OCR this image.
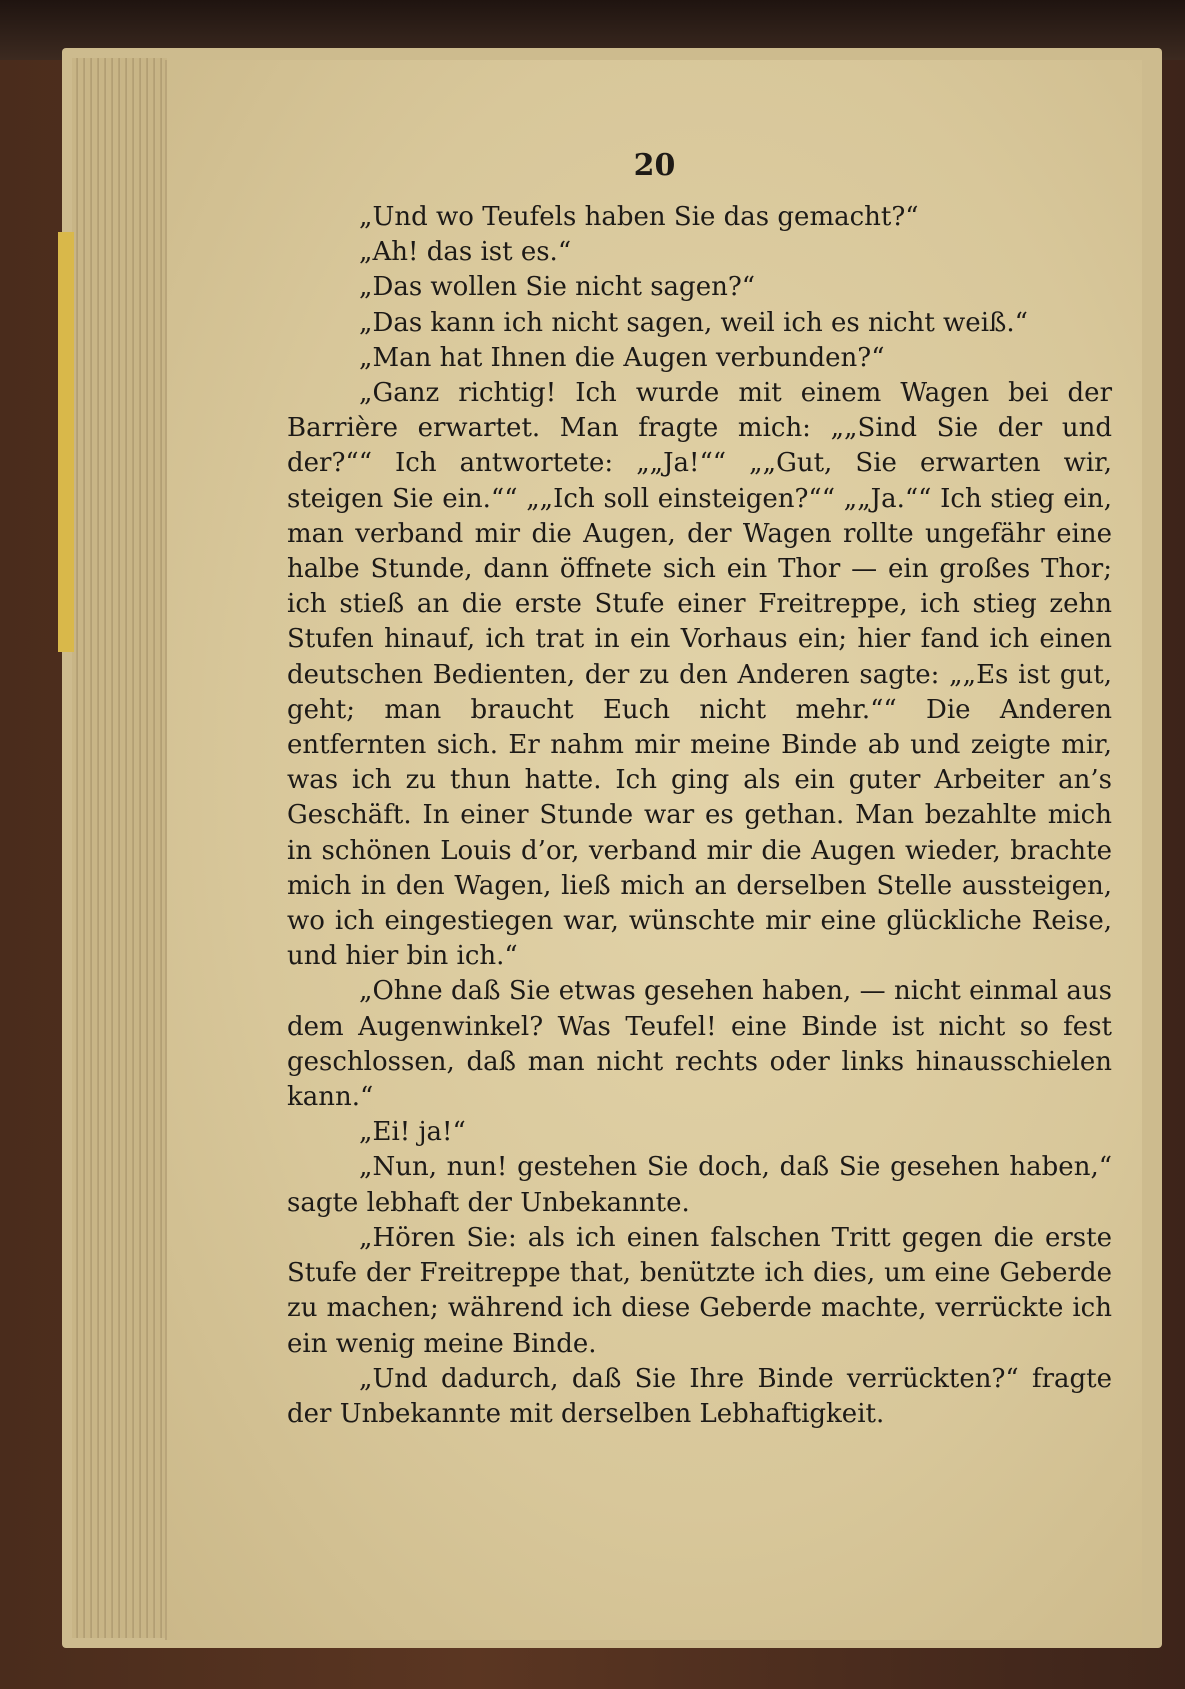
20

„Und wo Teufels haben Sie das gemacht?“

„Ah! das ist es.“

„Das wollen Sie nicht sagen?“

„Das kann ich nicht sagen, weil ich es nicht weiß.“

„Man hat Ihnen die Augen verbunden?“

„Ganz richtig! Ich wurde mit einem Wagen bei der Barrière erwartet. Man fragte mich: „„Sind Sie der und der?““ Ich antwortete: „„Ja!““ „„Gut, Sie erwarten wir, steigen Sie ein.““ „„Ich soll einsteigen?““ „„Ja.““ Ich stieg ein, man verband mir die Augen, der Wagen rollte ungefähr eine halbe Stunde, dann öffnete sich ein Thor — ein großes Thor; ich stieß an die erste Stufe einer Freitreppe, ich stieg zehn Stufen hinauf, ich trat in ein Vorhaus ein; hier fand ich einen deutschen Bedienten, der zu den Anderen sagte: „„Es ist gut, geht; man braucht Euch nicht mehr.““ Die Anderen entfernten sich. Er nahm mir meine Binde ab und zeigte mir, was ich zu thun hatte. Ich ging als ein guter Arbeiter an’s Geschäft. In einer Stunde war es gethan. Man bezahlte mich in schönen Louis d’or, verband mir die Augen wieder, brachte mich in den Wagen, ließ mich an derselben Stelle aussteigen, wo ich eingestiegen war, wünschte mir eine glückliche Reise, und hier bin ich.“

„Ohne daß Sie etwas gesehen haben, — nicht einmal aus dem Augenwinkel? Was Teufel! eine Binde ist nicht so fest geschlossen, daß man nicht rechts oder links hinausschielen kann.“

„Ei! ja!“

„Nun, nun! gestehen Sie doch, daß Sie gesehen haben,“ sagte lebhaft der Unbekannte.

„Hören Sie: als ich einen falschen Tritt gegen die erste Stufe der Freitreppe that, benützte ich dies, um eine Geberde zu machen; während ich diese Geberde machte, verrückte ich ein wenig meine Binde.

„Und dadurch, daß Sie Ihre Binde verrückten?“ fragte der Unbekannte mit derselben Lebhaftigkeit.
